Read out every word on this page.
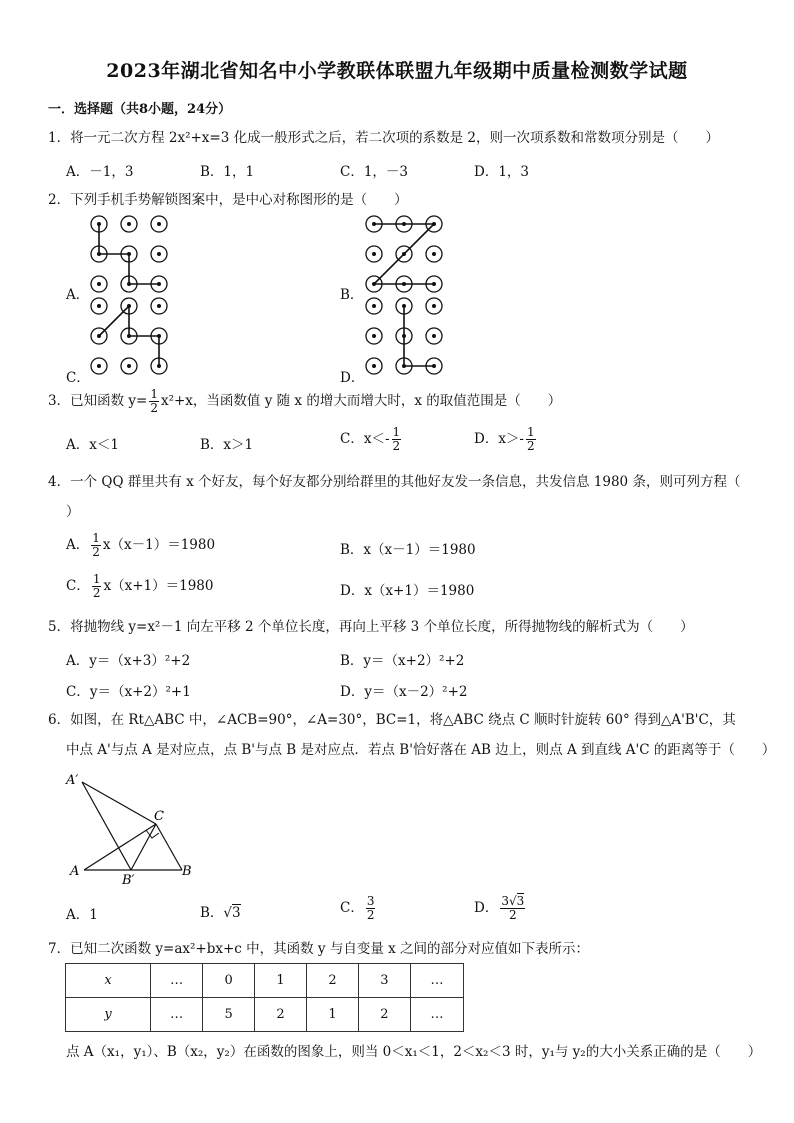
2023年湖北省知名中小学教联体联盟九年级期中质量检测数学试题
一．选择题（共8小题，24分）
1．将一元二次方程 2x²+x=3 化成一般形式之后，若二次项的系数是 2，则一次项系数和常数项分别是（　　）
A．－1，3	B．1，1	C．1，－3	D．1，3
2．下列手机手势解锁图案中，是中心对称图形的是（　　）
A．	B．
C．	D．
3．已知函数 $y= \frac{1}{2} x^2+x$，当函数值 y 随 x 的增大而增大时，x 的取值范围是（　　）
A．x＜1	B．x＞1	C．$x<- \frac{1}{2}$	D．$x>- \frac{1}{2}$
4．一个 QQ 群里共有 x 个好友，每个好友都分别给群里的其他好友发一条信息，共发信息 1980 条，则可列方程（
）
A． $\frac{1}{2} x(x-1)=1980$	B．x（x－1）＝1980
C． $\frac{1}{2} x(x+1)=1980$	D．x（x+1）＝1980
5．将抛物线 y=x²－1 向左平移 2 个单位长度，再向上平移 3 个单位长度，所得抛物线的解析式为（　　）
A．y＝（x+3）²+2	B．y＝（x+2）²+2
C．y＝（x+2）²+1	D．y＝（x－2）²+2
6．如图，在 Rt△ABC 中，∠ACB=90°，∠A=30°，BC=1，将△ABC 绕点 C 顺时针旋转 60° 得到△A'B'C，其
中点 A'与点 A 是对应点，点 B'与点 B 是对应点．若点 B'恰好落在 AB 边上，则点 A 到直线 A'C 的距离等于（　　）
A′
C
A
B′
B
A．1	B．√3	C． $\frac{3}{2}$	D． $\frac{3√3}{2}$
7．已知二次函数 y=ax²+bx+c 中，其函数 y 与自变量 x 之间的部分对应值如下表所示：
x	…	0	1	2	3	…
y	…	5	2	1	2	…
点 A（x₁，y₁）、B（x₂，y₂）在函数的图象上，则当 0＜x₁＜1，2＜x₂＜3 时，y₁与 y₂的大小关系正确的是（　　）
